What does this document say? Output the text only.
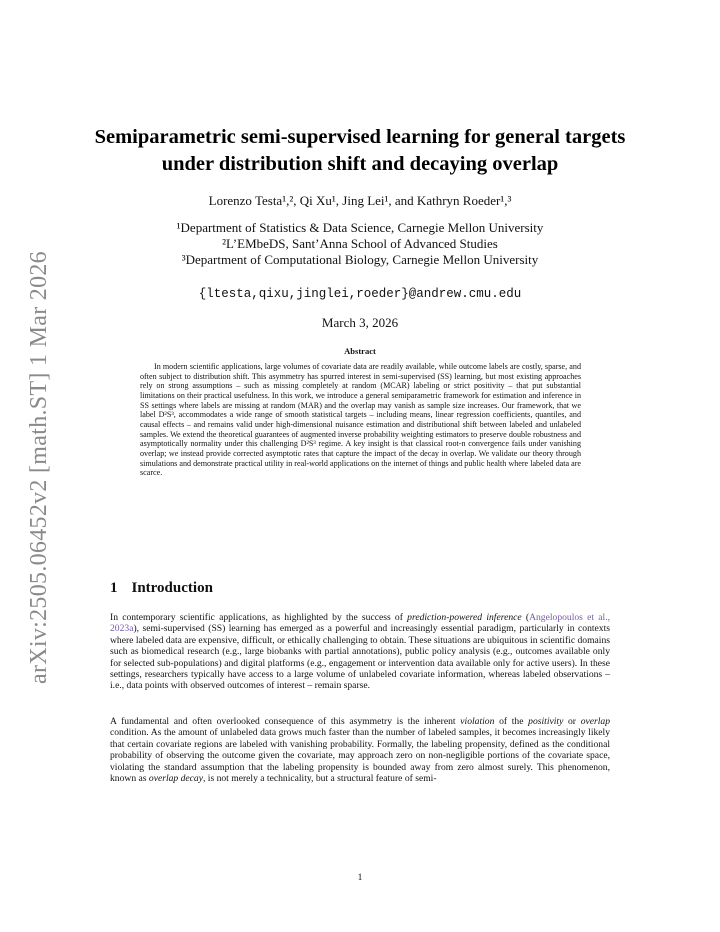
arXiv:2505.06452v2 [math.ST] 1 Mar 2026
Semiparametric semi-supervised learning for general targets under distribution shift and decaying overlap
Lorenzo Testa¹,², Qi Xu¹, Jing Lei¹, and Kathryn Roeder¹,³
¹Department of Statistics & Data Science, Carnegie Mellon University
²L’EMbeDS, Sant’Anna School of Advanced Studies
³Department of Computational Biology, Carnegie Mellon University
{ltesta,qixu,jinglei,roeder}@andrew.cmu.edu
March 3, 2026
Abstract
In modern scientific applications, large volumes of covariate data are readily available, while outcome labels are costly, sparse, and often subject to distribution shift. This asymmetry has spurred interest in semi-supervised (SS) learning, but most existing approaches rely on strong assumptions – such as missing completely at random (MCAR) labeling or strict positivity – that put substantial limitations on their practical usefulness. In this work, we introduce a general semiparametric framework for estimation and inference in SS settings where labels are missing at random (MAR) and the overlap may vanish as sample size increases. Our framework, that we label D²S³, accommodates a wide range of smooth statistical targets – including means, linear regression coefficients, quantiles, and causal effects – and remains valid under high-dimensional nuisance estimation and distributional shift between labeled and unlabeled samples. We extend the theoretical guarantees of augmented inverse probability weighting estimators to preserve double robustness and asymptotically normality under this challenging D²S³ regime. A key insight is that classical root-n convergence fails under vanishing overlap; we instead provide corrected asymptotic rates that capture the impact of the decay in overlap. We validate our theory through simulations and demonstrate practical utility in real-world applications on the internet of things and public health where labeled data are scarce.
1 Introduction
In contemporary scientific applications, as highlighted by the success of prediction-powered inference (Angelopoulos et al., 2023a), semi-supervised (SS) learning has emerged as a powerful and increasingly essential paradigm, particularly in contexts where labeled data are expensive, difficult, or ethically challenging to obtain. These situations are ubiquitous in scientific domains such as biomedical research (e.g., large biobanks with partial annotations), public policy analysis (e.g., outcomes available only for selected sub-populations) and digital platforms (e.g., engagement or intervention data available only for active users). In these settings, researchers typically have access to a large volume of unlabeled covariate information, whereas labeled observations – i.e., data points with observed outcomes of interest – remain sparse.
A fundamental and often overlooked consequence of this asymmetry is the inherent violation of the positivity or overlap condition. As the amount of unlabeled data grows much faster than the number of labeled samples, it becomes increasingly likely that certain covariate regions are labeled with vanishing probability. Formally, the labeling propensity, defined as the conditional probability of observing the outcome given the covariate, may approach zero on non-negligible portions of the covariate space, violating the standard assumption that the labeling propensity is bounded away from zero almost surely. This phenomenon, known as overlap decay, is not merely a technicality, but a structural feature of semi-
1
